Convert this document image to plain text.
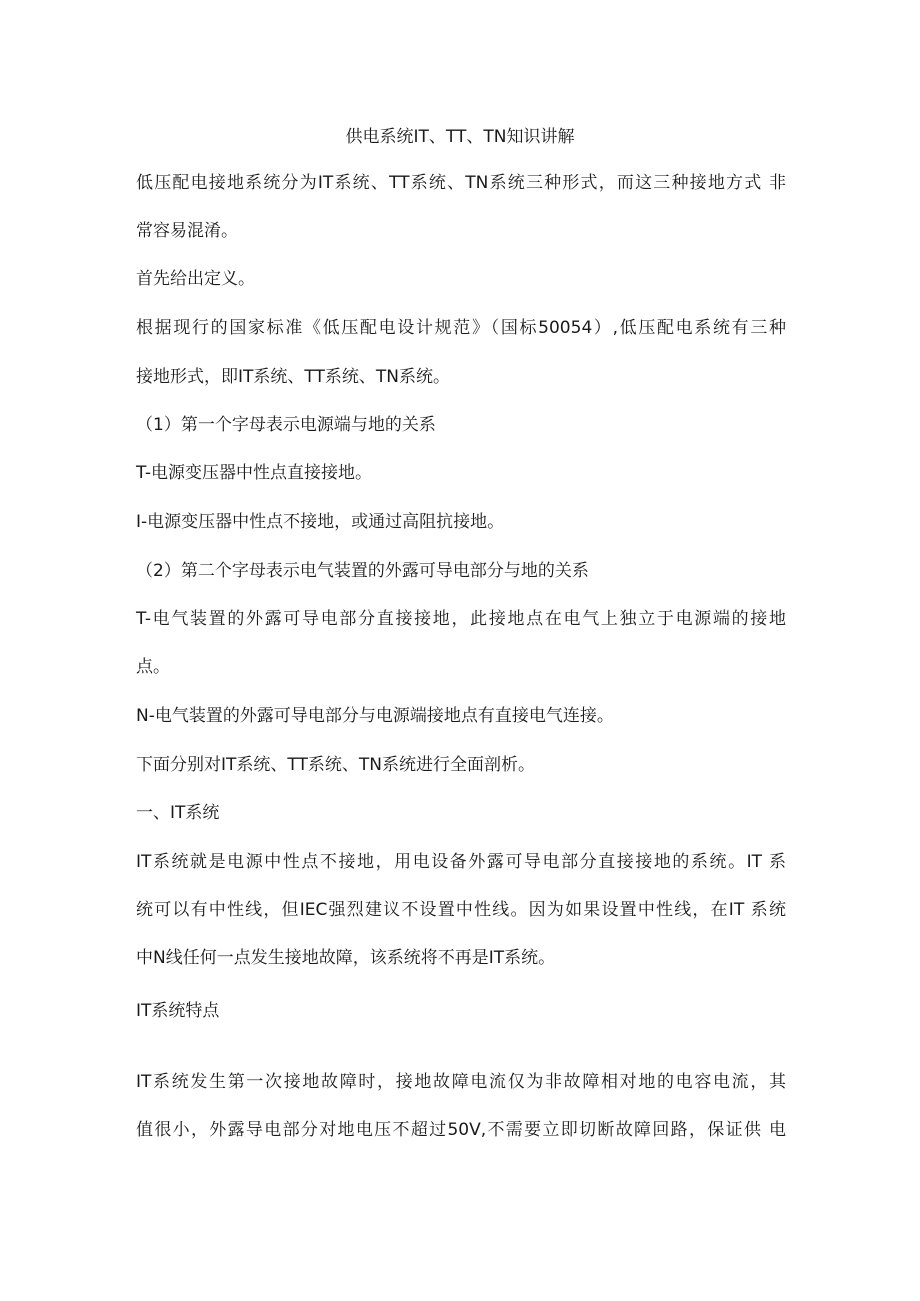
供电系统IT、TT、TN知识讲解

低压配电接地系统分为IT系统、TT系统、TN系统三种形式，而这三种接地方式 非

常容易混淆。

首先给出定义。

根据现行的国家标准《低压配电设计规范》（国标50054）,低压配电系统有三种

接地形式，即IT系统、TT系统、TN系统。

（1）第一个字母表示电源端与地的关系

T-电源变压器中性点直接接地。

I-电源变压器中性点不接地，或通过高阻抗接地。

（2）第二个字母表示电气装置的外露可导电部分与地的关系

T-电气装置的外露可导电部分直接接地，此接地点在电气上独立于电源端的接地

点。

N-电气装置的外露可导电部分与电源端接地点有直接电气连接。

下面分别对IT系统、TT系统、TN系统进行全面剖析。

一、IT系统

IT系统就是电源中性点不接地，用电设备外露可导电部分直接接地的系统。IT 系

统可以有中性线，但IEC强烈建议不设置中性线。因为如果设置中性线，在IT 系统

中N线任何一点发生接地故障，该系统将不再是IT系统。

IT系统特点

IT系统发生第一次接地故障时，接地故障电流仅为非故障相对地的电容电流，其

值很小，外露导电部分对地电压不超过50V,不需要立即切断故障回路，保证供 电
